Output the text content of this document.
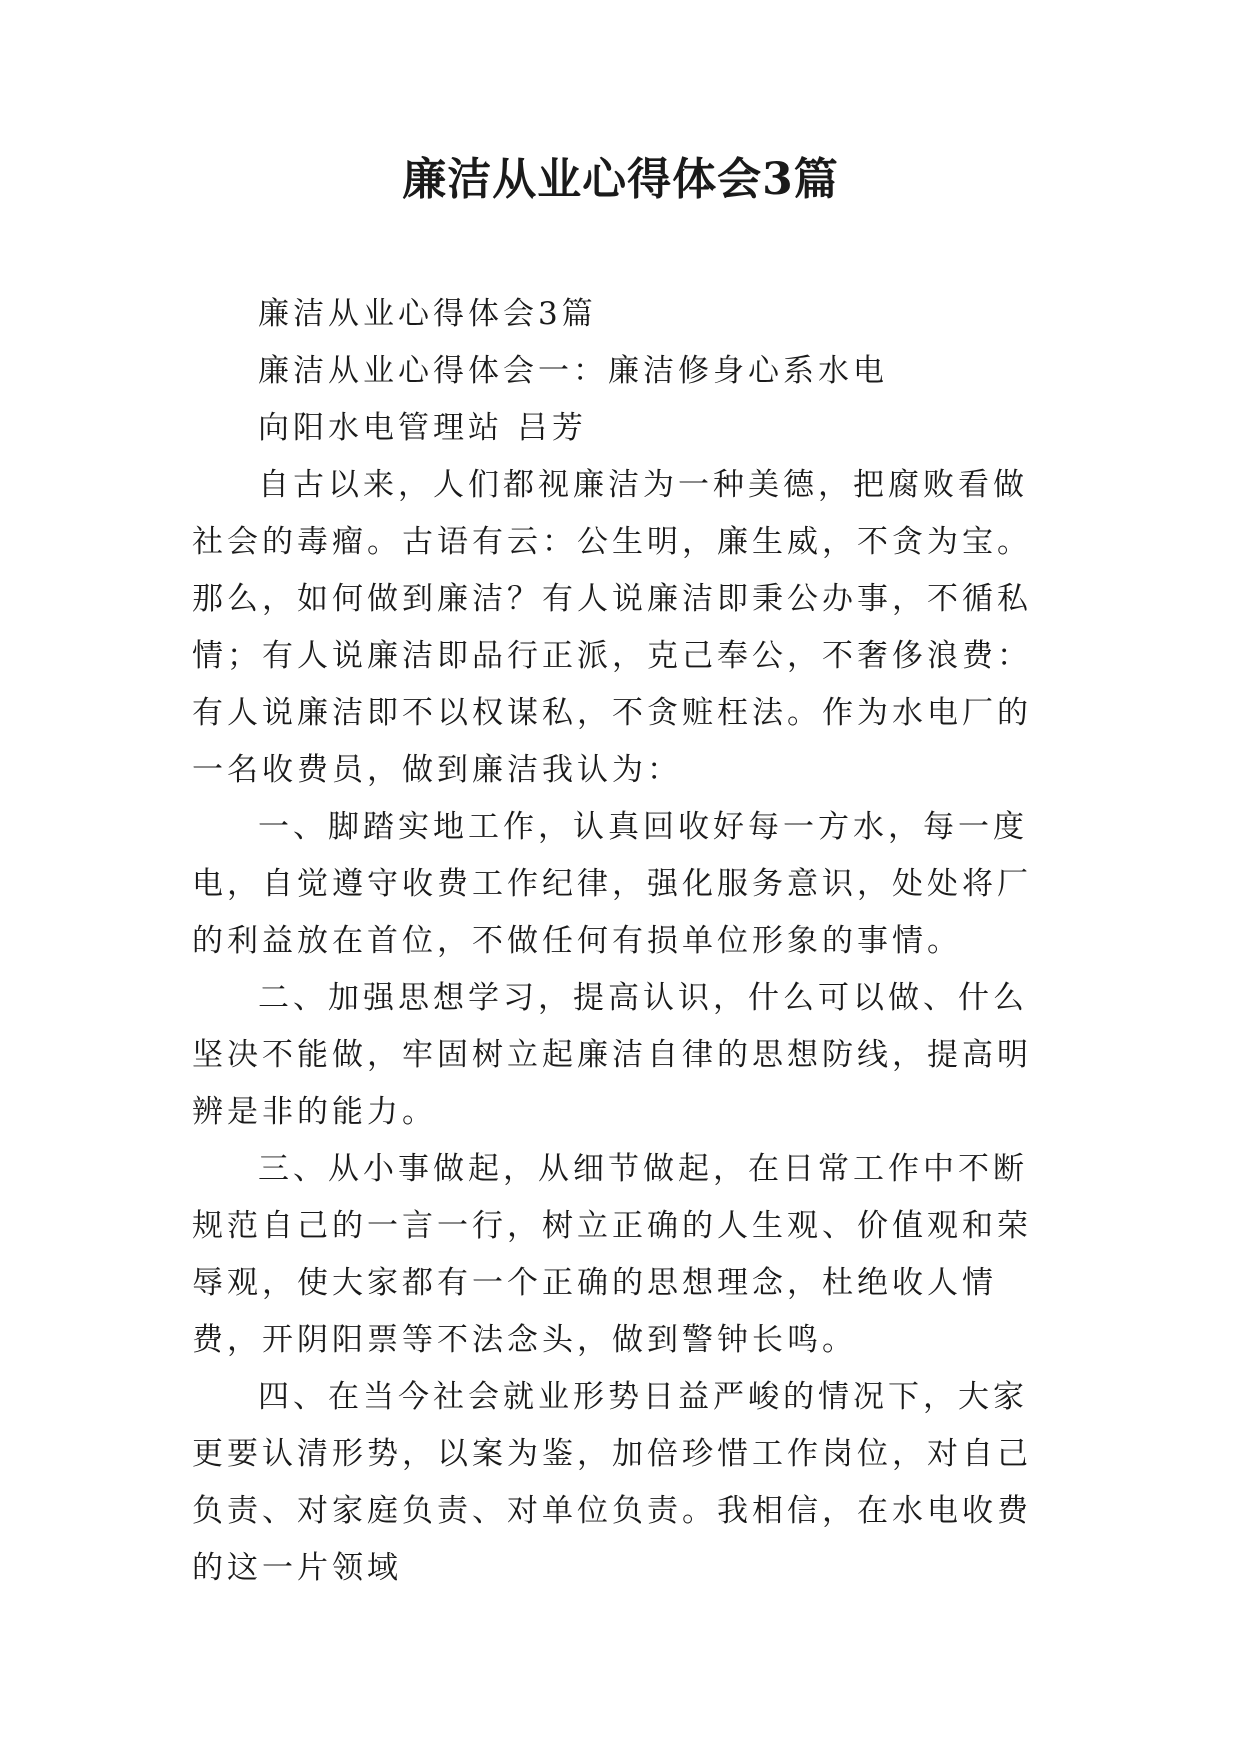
廉洁从业心得体会3篇

廉洁从业心得体会3篇

廉洁从业心得体会一：廉洁修身心系水电

向阳水电管理站 吕芳

自古以来，人们都视廉洁为一种美德，把腐败看做社会的毒瘤。古语有云：公生明，廉生威，不贪为宝。那么，如何做到廉洁？有人说廉洁即秉公办事，不循私情；有人说廉洁即品行正派，克己奉公，不奢侈浪费：有人说廉洁即不以权谋私，不贪赃枉法。作为水电厂的一名收费员，做到廉洁我认为：

一、脚踏实地工作，认真回收好每一方水，每一度电，自觉遵守收费工作纪律，强化服务意识，处处将厂的利益放在首位，不做任何有损单位形象的事情。

二、加强思想学习，提高认识，什么可以做、什么坚决不能做，牢固树立起廉洁自律的思想防线，提高明辨是非的能力。

三、从小事做起，从细节做起，在日常工作中不断规范自己的一言一行，树立正确的人生观、价值观和荣辱观，使大家都有一个正确的思想理念，杜绝收人情费，开阴阳票等不法念头，做到警钟长鸣。

四、在当今社会就业形势日益严峻的情况下，大家更要认清形势，以案为鉴，加倍珍惜工作岗位，对自己负责、对家庭负责、对单位负责。我相信，在水电收费的这一片领域
